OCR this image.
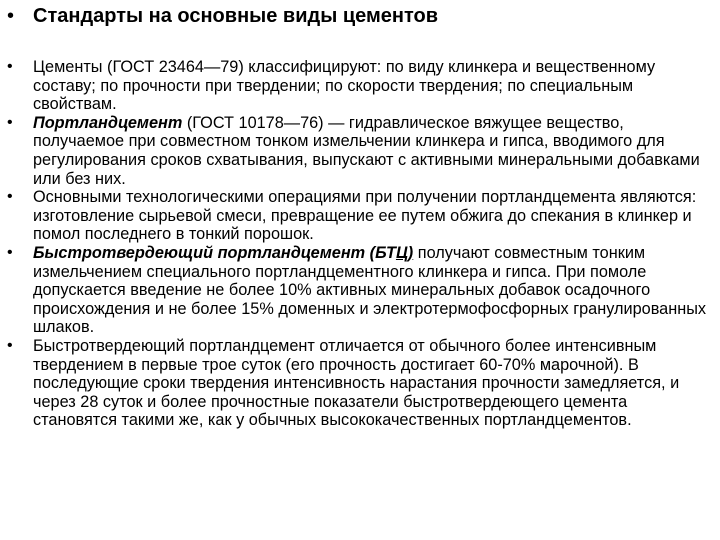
• Стандарты на основные виды цементов
•	Цементы (ГОСТ 23464—79) классифицируют: по виду клинкера и вещественному составу; по прочности при твердении; по скорости твердения; по специальным свойствам.
•	Портландцемент (ГОСТ 10178—76) — гидравлическое вяжущее вещество, получаемое при совместном тонком измельчении клинкера и гипса, вводимого для регулирования сроков схватывания, выпускают с активными минеральными добавками или без них.
•	Основными технологическими операциями при получении портландцемента являются: изготовление сырьевой смеси, превращение ее путем обжига до спекания в клинкер и помол последнего в тонкий порошок.
•	Быстротвердеющий портландцемент (БТЦ) получают совместным тонким измельчением специального портландцементного клинкера и гипса. При помоле допускается введение не более 10% активных минеральных добавок осадочного происхождения и не более 15% доменных и электротермофосфорных гранулированных шлаков.
•	Быстротвердеющий портландцемент отличается от обычного более интенсивным твердением в первые трое суток (его прочность достигает 60-70% марочной). В последующие сроки твердения интенсивность нарастания прочности замедляется, и через 28 суток и более прочностные показатели быстротвердеющего цемента становятся такими же, как у обычных высококачественных портландцементов.
